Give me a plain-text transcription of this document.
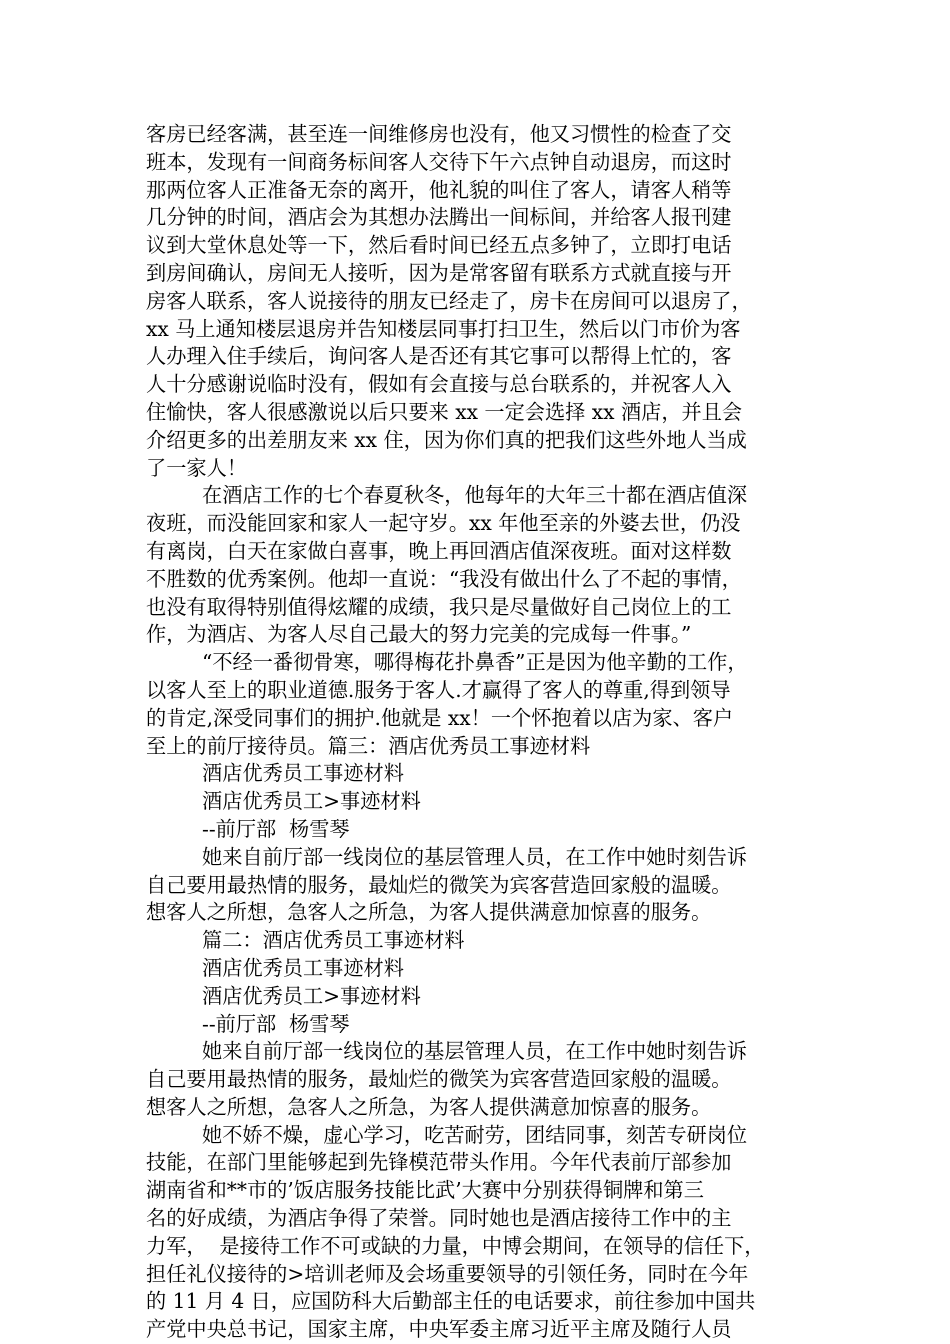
客房已经客满，甚至连一间维修房也没有，他又习惯性的检查了交
班本，发现有一间商务标间客人交待下午六点钟自动退房，而这时
那两位客人正准备无奈的离开，他礼貌的叫住了客人，请客人稍等
几分钟的时间，酒店会为其想办法腾出一间标间，并给客人报刊建
议到大堂休息处等一下，然后看时间已经五点多钟了，立即打电话
到房间确认，房间无人接听，因为是常客留有联系方式就直接与开
房客人联系，客人说接待的朋友已经走了，房卡在房间可以退房了，
xx 马上通知楼层退房并告知楼层同事打扫卫生，然后以门市价为客
人办理入住手续后，询问客人是否还有其它事可以帮得上忙的，客
人十分感谢说临时没有，假如有会直接与总台联系的，并祝客人入
住愉快，客人很感激说以后只要来 xx 一定会选择 xx 酒店，并且会
介绍更多的出差朋友来 xx 住，因为你们真的把我们这些外地人当成
了一家人！
在酒店工作的七个春夏秋冬，他每年的大年三十都在酒店值深
夜班，而没能回家和家人一起守岁。xx 年他至亲的外婆去世，仍没
有离岗，白天在家做白喜事，晚上再回酒店值深夜班。面对这样数
不胜数的优秀案例。他却一直说：“我没有做出什么了不起的事情，
也没有取得特别值得炫耀的成绩，我只是尽量做好自己岗位上的工
作，为酒店、为客人尽自己最大的努力完美的完成每一件事。”
“不经一番彻骨寒，哪得梅花扑鼻香”正是因为他辛勤的工作，
以客人至上的职业道德.服务于客人.才赢得了客人的尊重,得到领导
的肯定,深受同事们的拥护.他就是 xx！一个怀抱着以店为家、客户
至上的前厅接待员。篇三：酒店优秀员工事迹材料
酒店优秀员工事迹材料
酒店优秀员工>事迹材料
--前厅部  杨雪琴
她来自前厅部一线岗位的基层管理人员，在工作中她时刻告诉
自己要用最热情的服务，最灿烂的微笑为宾客营造回家般的温暖。
想客人之所想，急客人之所急，为客人提供满意加惊喜的服务。
篇二：酒店优秀员工事迹材料
酒店优秀员工事迹材料
酒店优秀员工>事迹材料
--前厅部  杨雪琴
她来自前厅部一线岗位的基层管理人员，在工作中她时刻告诉
自己要用最热情的服务，最灿烂的微笑为宾客营造回家般的温暖。
想客人之所想，急客人之所急，为客人提供满意加惊喜的服务。
她不娇不燥，虚心学习，吃苦耐劳，团结同事，刻苦专研岗位
技能，在部门里能够起到先锋模范带头作用。今年代表前厅部参加
湖南省和**市的’饭店服务技能比武’大赛中分别获得铜牌和第三
名的好成绩，为酒店争得了荣誉。同时她也是酒店接待工作中的主
力军，  是接待工作不可或缺的力量，中博会期间，在领导的信任下，
担任礼仪接待的>培训老师及会场重要领导的引领任务，同时在今年
的 11 月 4 日，应国防科大后勤部主任的电话要求，前往参加中国共
产党中央总书记，国家主席，中央军委主席习近平主席及随行人员
